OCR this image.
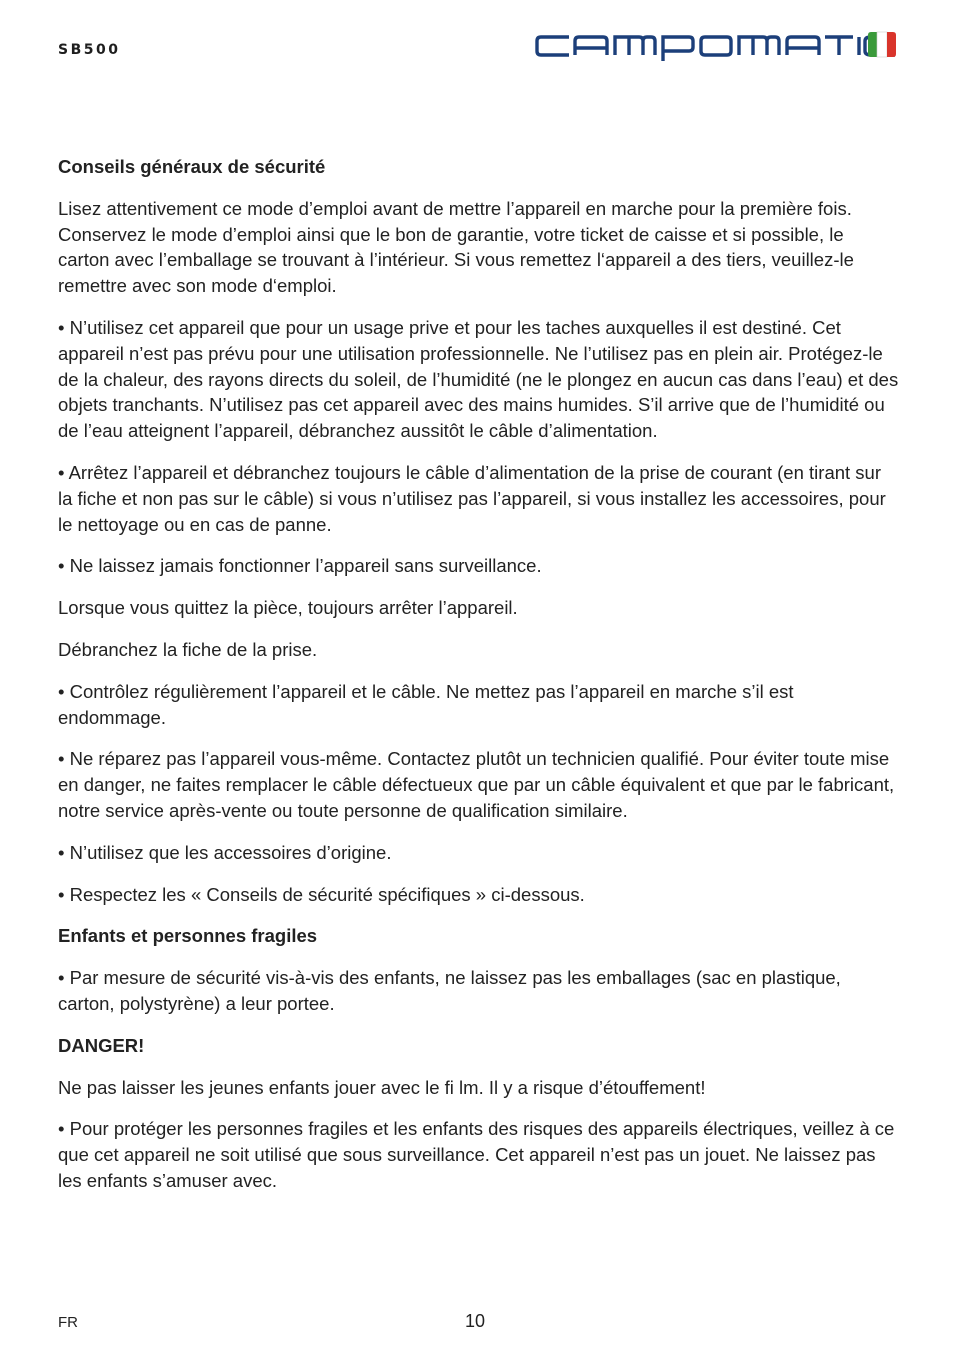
SB500
Conseils généraux de sécurité

Lisez attentivement ce mode d’emploi avant de mettre l’appareil en marche pour la première fois. Conservez le mode d’emploi ainsi que le bon de garantie, votre ticket de caisse et si possible, le carton avec l’emballage se trouvant à l’intérieur. Si vous remettez l‘appareil a des tiers, veuillez-le remettre avec son mode d‘emploi.

• N’utilisez cet appareil que pour un usage prive et pour les taches auxquelles il est destiné. Cet appareil n’est pas prévu pour une utilisation professionnelle. Ne l’utilisez pas en plein air. Protégez-le de la chaleur, des rayons directs du soleil, de l’humidité (ne le plongez en aucun cas dans l’eau) et des objets tranchants. N’utilisez pas cet appareil avec des mains humides. S’il arrive que de l’humidité ou de l’eau atteignent l’appareil, débranchez aussitôt le câble d’alimentation.

• Arrêtez l’appareil et débranchez toujours le câble d’alimentation de la prise de courant (en tirant sur la fiche et non pas sur le câble) si vous n’utilisez pas l’appareil, si vous installez les accessoires, pour le nettoyage ou en cas de panne.

• Ne laissez jamais fonctionner l’appareil sans surveillance.

Lorsque vous quittez la pièce, toujours arrêter l’appareil.

Débranchez la fiche de la prise.

• Contrôlez régulièrement l’appareil et le câble. Ne mettez pas l’appareil en marche s’il est endommage.

• Ne réparez pas l’appareil vous-même. Contactez plutôt un technicien qualifié. Pour éviter toute mise en danger, ne faites remplacer le câble défectueux que par un câble équivalent et que par le fabricant, notre service après-vente ou toute personne de qualification similaire.

• N’utilisez que les accessoires d’origine.

• Respectez les « Conseils de sécurité spécifiques » ci-dessous.

Enfants et personnes fragiles

• Par mesure de sécurité vis-à-vis des enfants, ne laissez pas les emballages (sac en plastique, carton, polystyrène) a leur portee.

DANGER!

Ne pas laisser les jeunes enfants jouer avec le fi lm. Il y a risque d’étouffement!

• Pour protéger les personnes fragiles et les enfants des risques des appareils électriques, veillez à ce que cet appareil ne soit utilisé que sous surveillance. Cet appareil n’est pas un jouet. Ne laissez pas les enfants s’amuser avec.

FR	10
